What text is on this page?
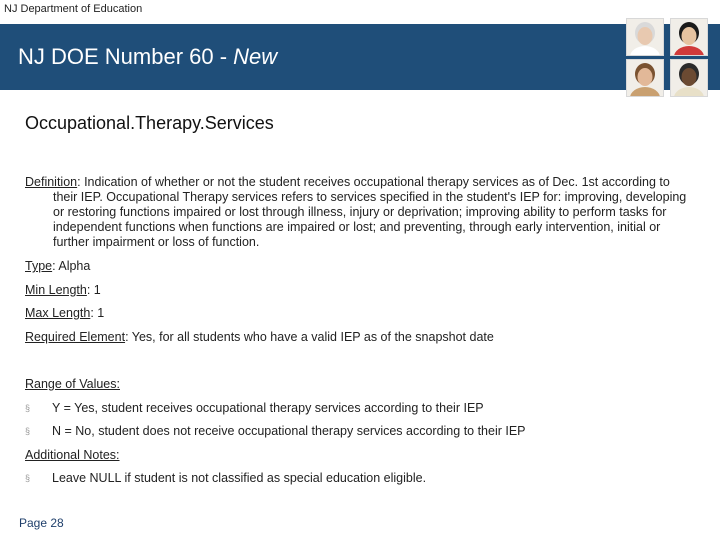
NJ Department of Education
NJ DOE Number 60 - New
Occupational.Therapy.Services

Definition: Indication of whether or not the student receives occupational therapy services as of Dec. 1st according to their IEP. Occupational Therapy services refers to services specified in the student's IEP for: improving, developing or restoring functions impaired or lost through illness, injury or deprivation; improving ability to perform tasks for independent functions when functions are impaired or lost; and preventing, through early intervention, initial or further impairment or loss of function.

Type: Alpha
Min Length: 1
Max Length: 1
Required Element: Yes, for all students who have a valid IEP as of the snapshot date
Range of Values:
§ Y = Yes, student receives occupational therapy services according to their IEP
§ N = No, student does not receive occupational therapy services according to their IEP
Additional Notes:
§ Leave NULL if student is not classified as special education eligible.
Page 28
